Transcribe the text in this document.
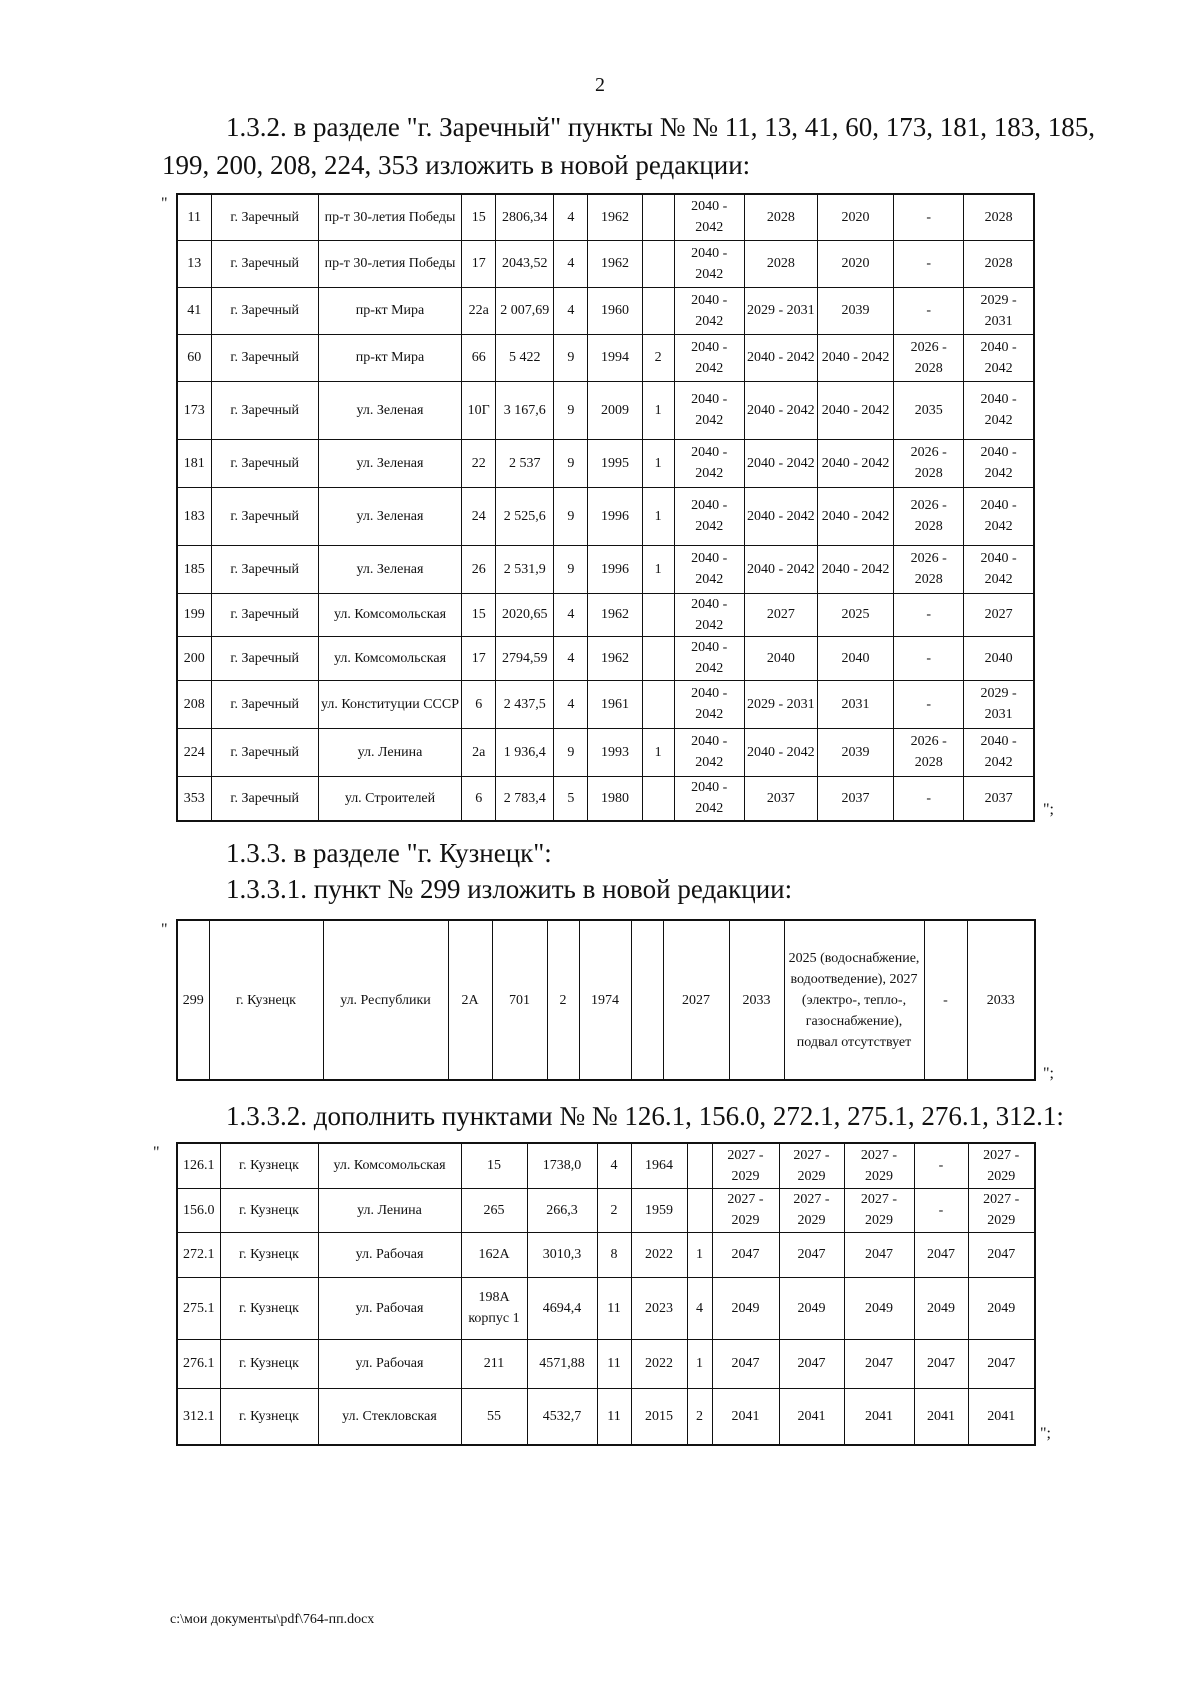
2
1.3.2. в разделе "г. Заречный" пункты № № 11, 13, 41, 60, 173, 181, 183, 185,
199, 200, 208, 224, 353 изложить в новой редакции:
"
11	г. Заречный	пр-т 30-летия Победы	15	2806,34	4	1962		2040 - 2042	2028	2020	-	2028
13	г. Заречный	пр-т 30-летия Победы	17	2043,52	4	1962		2040 - 2042	2028	2020	-	2028
41	г. Заречный	пр-кт Мира	22а	2 007,69	4	1960		2040 - 2042	2029 - 2031	2039	-	2029 - 2031
60	г. Заречный	пр-кт Мира	66	5 422	9	1994	2	2040 - 2042	2040 - 2042	2040 - 2042	2026 - 2028	2040 - 2042
173	г. Заречный	ул. Зеленая	10Г	3 167,6	9	2009	1	2040 - 2042	2040 - 2042	2040 - 2042	2035	2040 - 2042
181	г. Заречный	ул. Зеленая	22	2 537	9	1995	1	2040 - 2042	2040 - 2042	2040 - 2042	2026 - 2028	2040 - 2042
183	г. Заречный	ул. Зеленая	24	2 525,6	9	1996	1	2040 - 2042	2040 - 2042	2040 - 2042	2026 - 2028	2040 - 2042
185	г. Заречный	ул. Зеленая	26	2 531,9	9	1996	1	2040 - 2042	2040 - 2042	2040 - 2042	2026 - 2028	2040 - 2042
199	г. Заречный	ул. Комсомольская	15	2020,65	4	1962		2040 - 2042	2027	2025	-	2027
200	г. Заречный	ул. Комсомольская	17	2794,59	4	1962		2040 - 2042	2040	2040	-	2040
208	г. Заречный	ул. Конституции СССР	6	2 437,5	4	1961		2040 - 2042	2029 - 2031	2031	-	2029 - 2031
224	г. Заречный	ул. Ленина	2а	1 936,4	9	1993	1	2040 - 2042	2040 - 2042	2039	2026 - 2028	2040 - 2042
353	г. Заречный	ул. Строителей	6	2 783,4	5	1980		2040 - 2042	2037	2037	-	2037
";
1.3.3. в разделе "г. Кузнецк":
1.3.3.1. пункт № 299 изложить в новой редакции:
"
299	г. Кузнецк	ул. Республики	2А	701	2	1974		2027	2033	2025 (водоснабжение, водоотведение), 2027 (электро-, тепло-, газоснабжение), подвал отсутствует	-	2033
";
1.3.3.2. дополнить пунктами № № 126.1, 156.0, 272.1, 275.1, 276.1, 312.1:
"
126.1	г. Кузнецк	ул. Комсомольская	15	1738,0	4	1964		2027 - 2029	2027 - 2029	2027 - 2029	-	2027 - 2029
156.0	г. Кузнецк	ул. Ленина	265	266,3	2	1959		2027 - 2029	2027 - 2029	2027 - 2029	-	2027 - 2029
272.1	г. Кузнецк	ул. Рабочая	162А	3010,3	8	2022	1	2047	2047	2047	2047	2047
275.1	г. Кузнецк	ул. Рабочая	198А корпус 1	4694,4	11	2023	4	2049	2049	2049	2049	2049
276.1	г. Кузнецк	ул. Рабочая	211	4571,88	11	2022	1	2047	2047	2047	2047	2047
312.1	г. Кузнецк	ул. Стекловская	55	4532,7	11	2015	2	2041	2041	2041	2041	2041
";
c:\мои документы\pdf\764-пп.docx
